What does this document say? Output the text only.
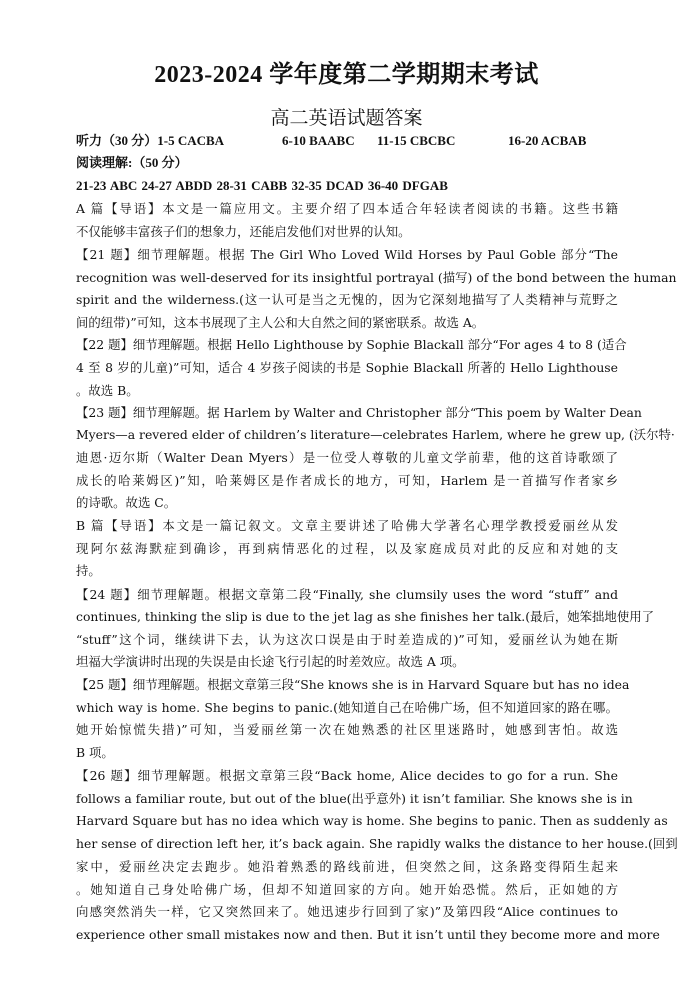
2023-2024 学年度第二学期期末考试
高二英语试题答案
听力（30 分）1-5 CACBA	6-10 BAABC 11-15 CBCBC	16-20 ACBAB
阅读理解:（50 分）
21-23 ABC 24-27 ABDD 28-31 CABB 32-35 DCAD 36-40 DFGAB
A 篇【导语】本文是一篇应用文。主要介绍了四本适合年轻读者阅读的书籍。这些书籍
不仅能够丰富孩子们的想象力，还能启发他们对世界的认知。
【21 题】细节理解题。根据 The Girl Who Loved Wild Horses by Paul Goble 部分“The
recognition was well-deserved for its insightful portrayal (描写) of the bond between the human
spirit and the wilderness.(这一认可是当之无愧的，因为它深刻地描写了人类精神与荒野之
间的纽带)”可知，这本书展现了主人公和大自然之间的紧密联系。故选 A。
【22 题】细节理解题。根据 Hello Lighthouse by Sophie Blackall 部分“For ages 4 to 8 (适合
4 至 8 岁的儿童)”可知，适合 4 岁孩子阅读的书是 Sophie Blackall 所著的 Hello Lighthouse
。故选 B。
【23 题】细节理解题。据 Harlem by Walter and Christopher 部分“This poem by Walter Dean
Myers—a revered elder of children’s literature—celebrates Harlem, where he grew up, (沃尔特·
迪恩·迈尔斯（Walter Dean Myers）是一位受人尊敬的儿童文学前辈，他的这首诗歌颂了
成长的哈莱姆区)”知，哈莱姆区是作者成长的地方，可知，Harlem 是一首描写作者家乡
的诗歌。故选 C。
B 篇【导语】本文是一篇记叙文。文章主要讲述了哈佛大学著名心理学教授爱丽丝从发
现阿尔兹海默症到确诊，再到病情恶化的过程，以及家庭成员对此的反应和对她的支
持。
【24 题】细节理解题。根据文章第二段“Finally, she clumsily uses the word “stuff” and
continues, thinking the slip is due to the jet lag as she finishes her talk.(最后，她笨拙地使用了
“stuff”这个词，继续讲下去，认为这次口误是由于时差造成的)”可知，爱丽丝认为她在斯
坦福大学演讲时出现的失误是由长途飞行引起的时差效应。故选 A 项。
【25 题】细节理解题。根据文章第三段“She knows she is in Harvard Square but has no idea
which way is home. She begins to panic.(她知道自己在哈佛广场，但不知道回家的路在哪。
她开始惊慌失措)”可知，当爱丽丝第一次在她熟悉的社区里迷路时，她感到害怕。故选
B 项。
【26 题】细节理解题。根据文章第三段“Back home, Alice decides to go for a run. She
follows a familiar route, but out of the blue(出乎意外) it isn’t familiar. She knows she is in
Harvard Square but has no idea which way is home. She begins to panic. Then as suddenly as
her sense of direction left her, it’s back again. She rapidly walks the distance to her house.(回到
家中，爱丽丝决定去跑步。她沿着熟悉的路线前进，但突然之间，这条路变得陌生起来
。她知道自己身处哈佛广场，但却不知道回家的方向。她开始恐慌。然后，正如她的方
向感突然消失一样，它又突然回来了。她迅速步行回到了家)”及第四段“Alice continues to
experience other small mistakes now and then. But it isn’t until they become more and more
